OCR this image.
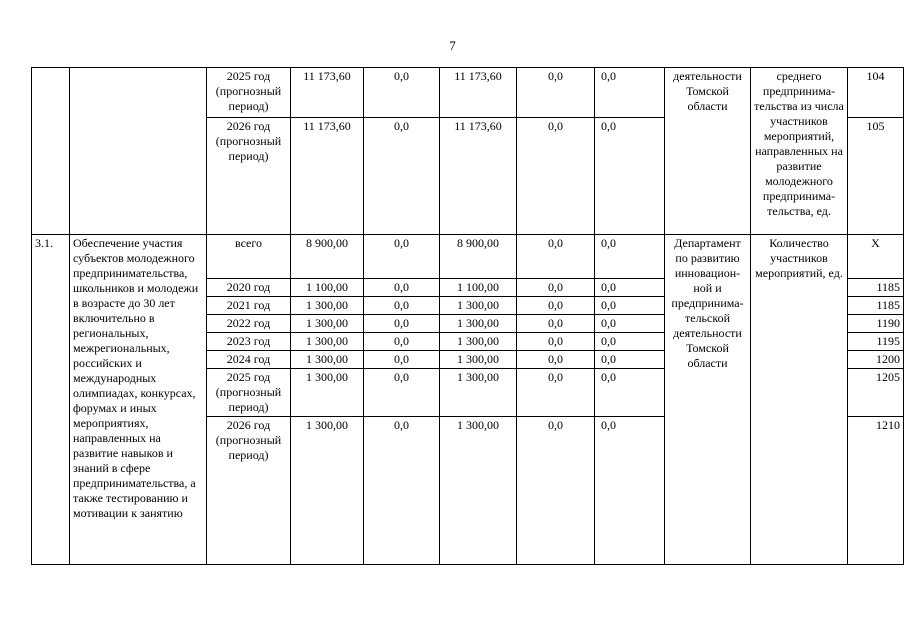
7
		2025 год (прогнозный период)	11 173,60	0,0	11 173,60	0,0	0,0	деятельности Томской области	среднего предпринима-тельства из числа участников мероприятий, направленных на развитие молодежного предпринима-тельства, ед.	104
		2026 год (прогнозный период)	11 173,60	0,0	11 173,60	0,0	0,0			105
3.1.	Обеспечение участия субъектов молодежного предпринимательства, школьников и молодежи в возрасте до 30 лет включительно в региональных, межрегиональных, российских и международных олимпиадах, конкурсах, форумах и иных мероприятиях, направленных на развитие навыков и знаний в сфере предпринимательства, а также тестированию и мотивации к занятию	всего	8 900,00	0,0	8 900,00	0,0	0,0	Департамент по развитию инновацион-ной и предпринима-тельской деятельности Томской области	Количество участников мероприятий, ед.	Х
		2020 год	1 100,00	0,0	1 100,00	0,0	0,0			1185
		2021 год	1 300,00	0,0	1 300,00	0,0	0,0			1185
		2022 год	1 300,00	0,0	1 300,00	0,0	0,0			1190
		2023 год	1 300,00	0,0	1 300,00	0,0	0,0			1195
		2024 год	1 300,00	0,0	1 300,00	0,0	0,0			1200
		2025 год (прогнозный период)	1 300,00	0,0	1 300,00	0,0	0,0			1205
		2026 год (прогнозный период)	1 300,00	0,0	1 300,00	0,0	0,0			1210
